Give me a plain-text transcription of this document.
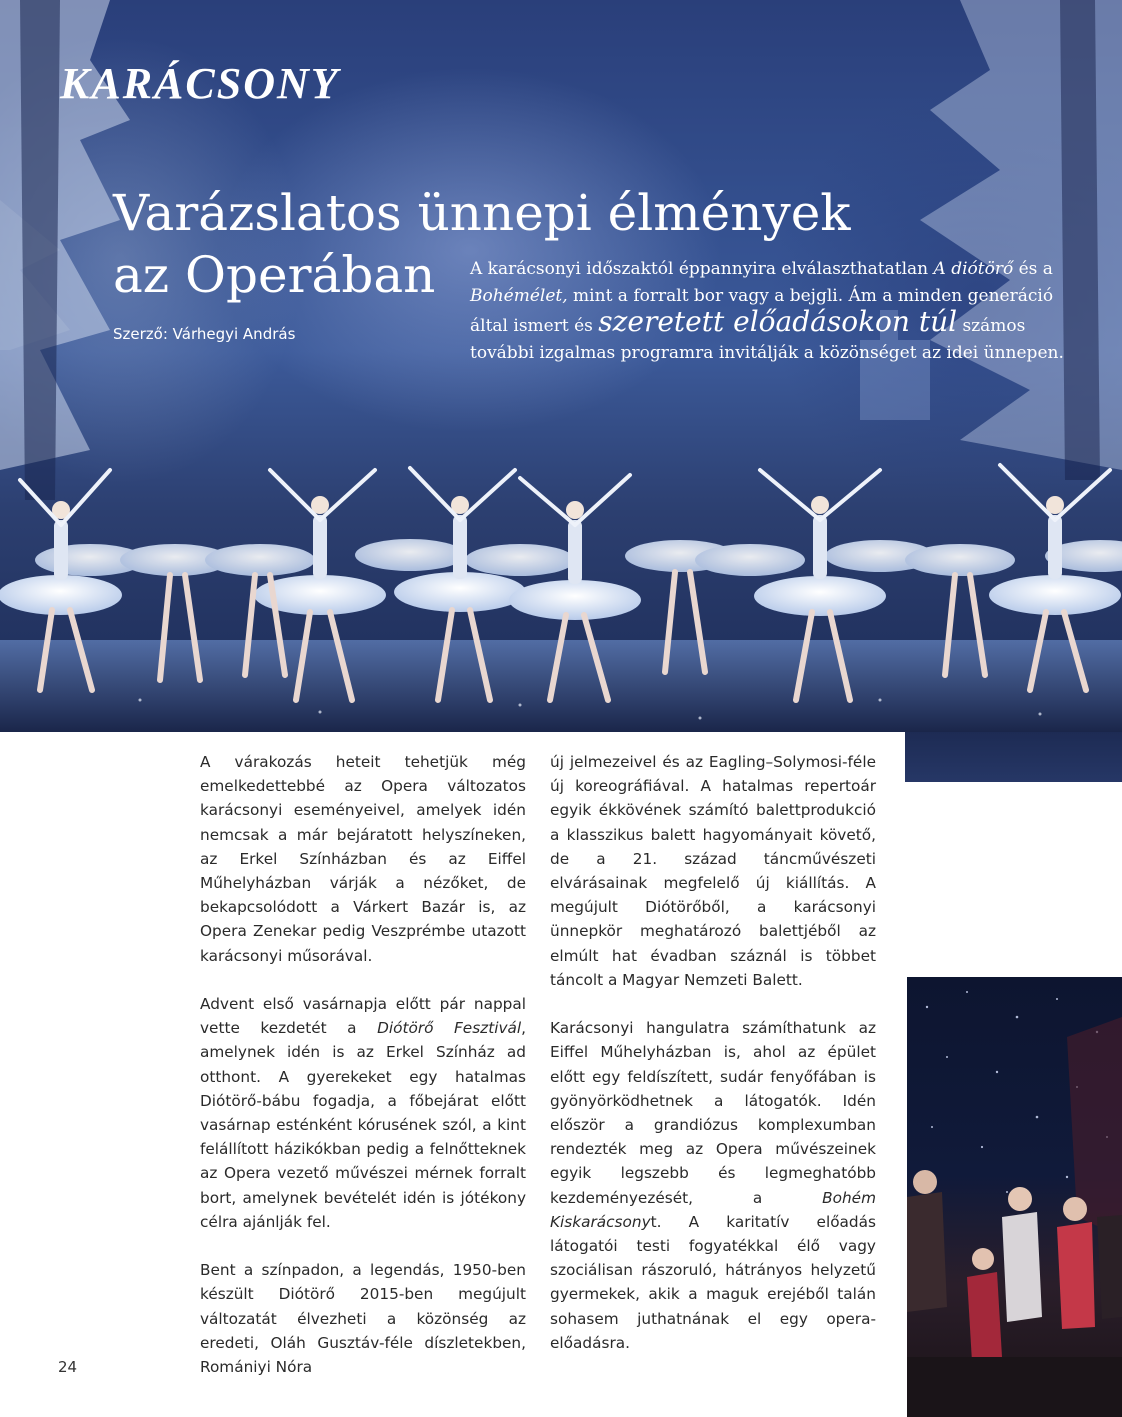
KARÁCSONY
Varázslatos ünnepi élmények
az Operában
Szerző: Várhegyi András

A karácsonyi időszaktól éppannyira elválaszthatatlan A diótörő és a Bohémélet, mint a forralt bor vagy a bejgli. Ám a minden generáció által ismert és szeretett előadásokon túl számos további izgalmas programra invitálják a közönséget az idei ünnepen.

A várakozás heteit tehetjük még emelkedettebbé az Opera változatos karácsonyi eseményeivel, amelyek idén nemcsak a már bejáratott helyszíneken, az Erkel Színházban és az Eiffel Műhelyházban várják a nézőket, de bekapcsolódott a Várkert Bazár is, az Opera Zenekar pedig Veszprémbe utazott karácsonyi műsorával.

Advent első vasárnapja előtt pár nappal vette kezdetét a Diótörő Fesztivál, amelynek idén is az Erkel Színház ad otthont. A gyerekeket egy hatalmas Diótörő-bábu fogadja, a főbejárat előtt vasárnap esténként kórusének szól, a kint felállított házikókban pedig a felnőtteknek az Opera vezető művészei mérnek forralt bort, amelynek bevételét idén is jótékony célra ajánlják fel.

Bent a színpadon, a legendás, 1950-ben készült Diótörő 2015-ben megújult változatát élvezheti a közönség az eredeti, Oláh Gusztáv-féle díszletekben, Romániyi Nóra

új jelmezeivel és az Eagling–Solymosi-féle új koreográfiával. A hatalmas repertoár egyik ékkövének számító balettprodukció a klasszikus balett hagyományait követő, de a 21. század táncművészeti elvárásainak megfelelő új kiállítás. A megújult Diótörőből, a karácsonyi ünnepkör meghatározó balettjéből az elmúlt hat évadban száznál is többet táncolt a Magyar Nemzeti Balett.

Karácsonyi hangulatra számíthatunk az Eiffel Műhelyházban is, ahol az épület előtt egy feldíszített, sudár fenyőfában is gyönyörködhetnek a látogatók. Idén először a grandiózus komplexumban rendezték meg az Opera művészeinek egyik legszebb és legmeghatóbb kezdeményezését, a Bohém Kiskarácsonyt. A karitatív előadás látogatói testi fogyatékkal élő vagy szociálisan rászoruló, hátrányos helyzetű gyermekek, akik a maguk erejéből talán sohasem juthatnának el egy opera-előadásra.

24
